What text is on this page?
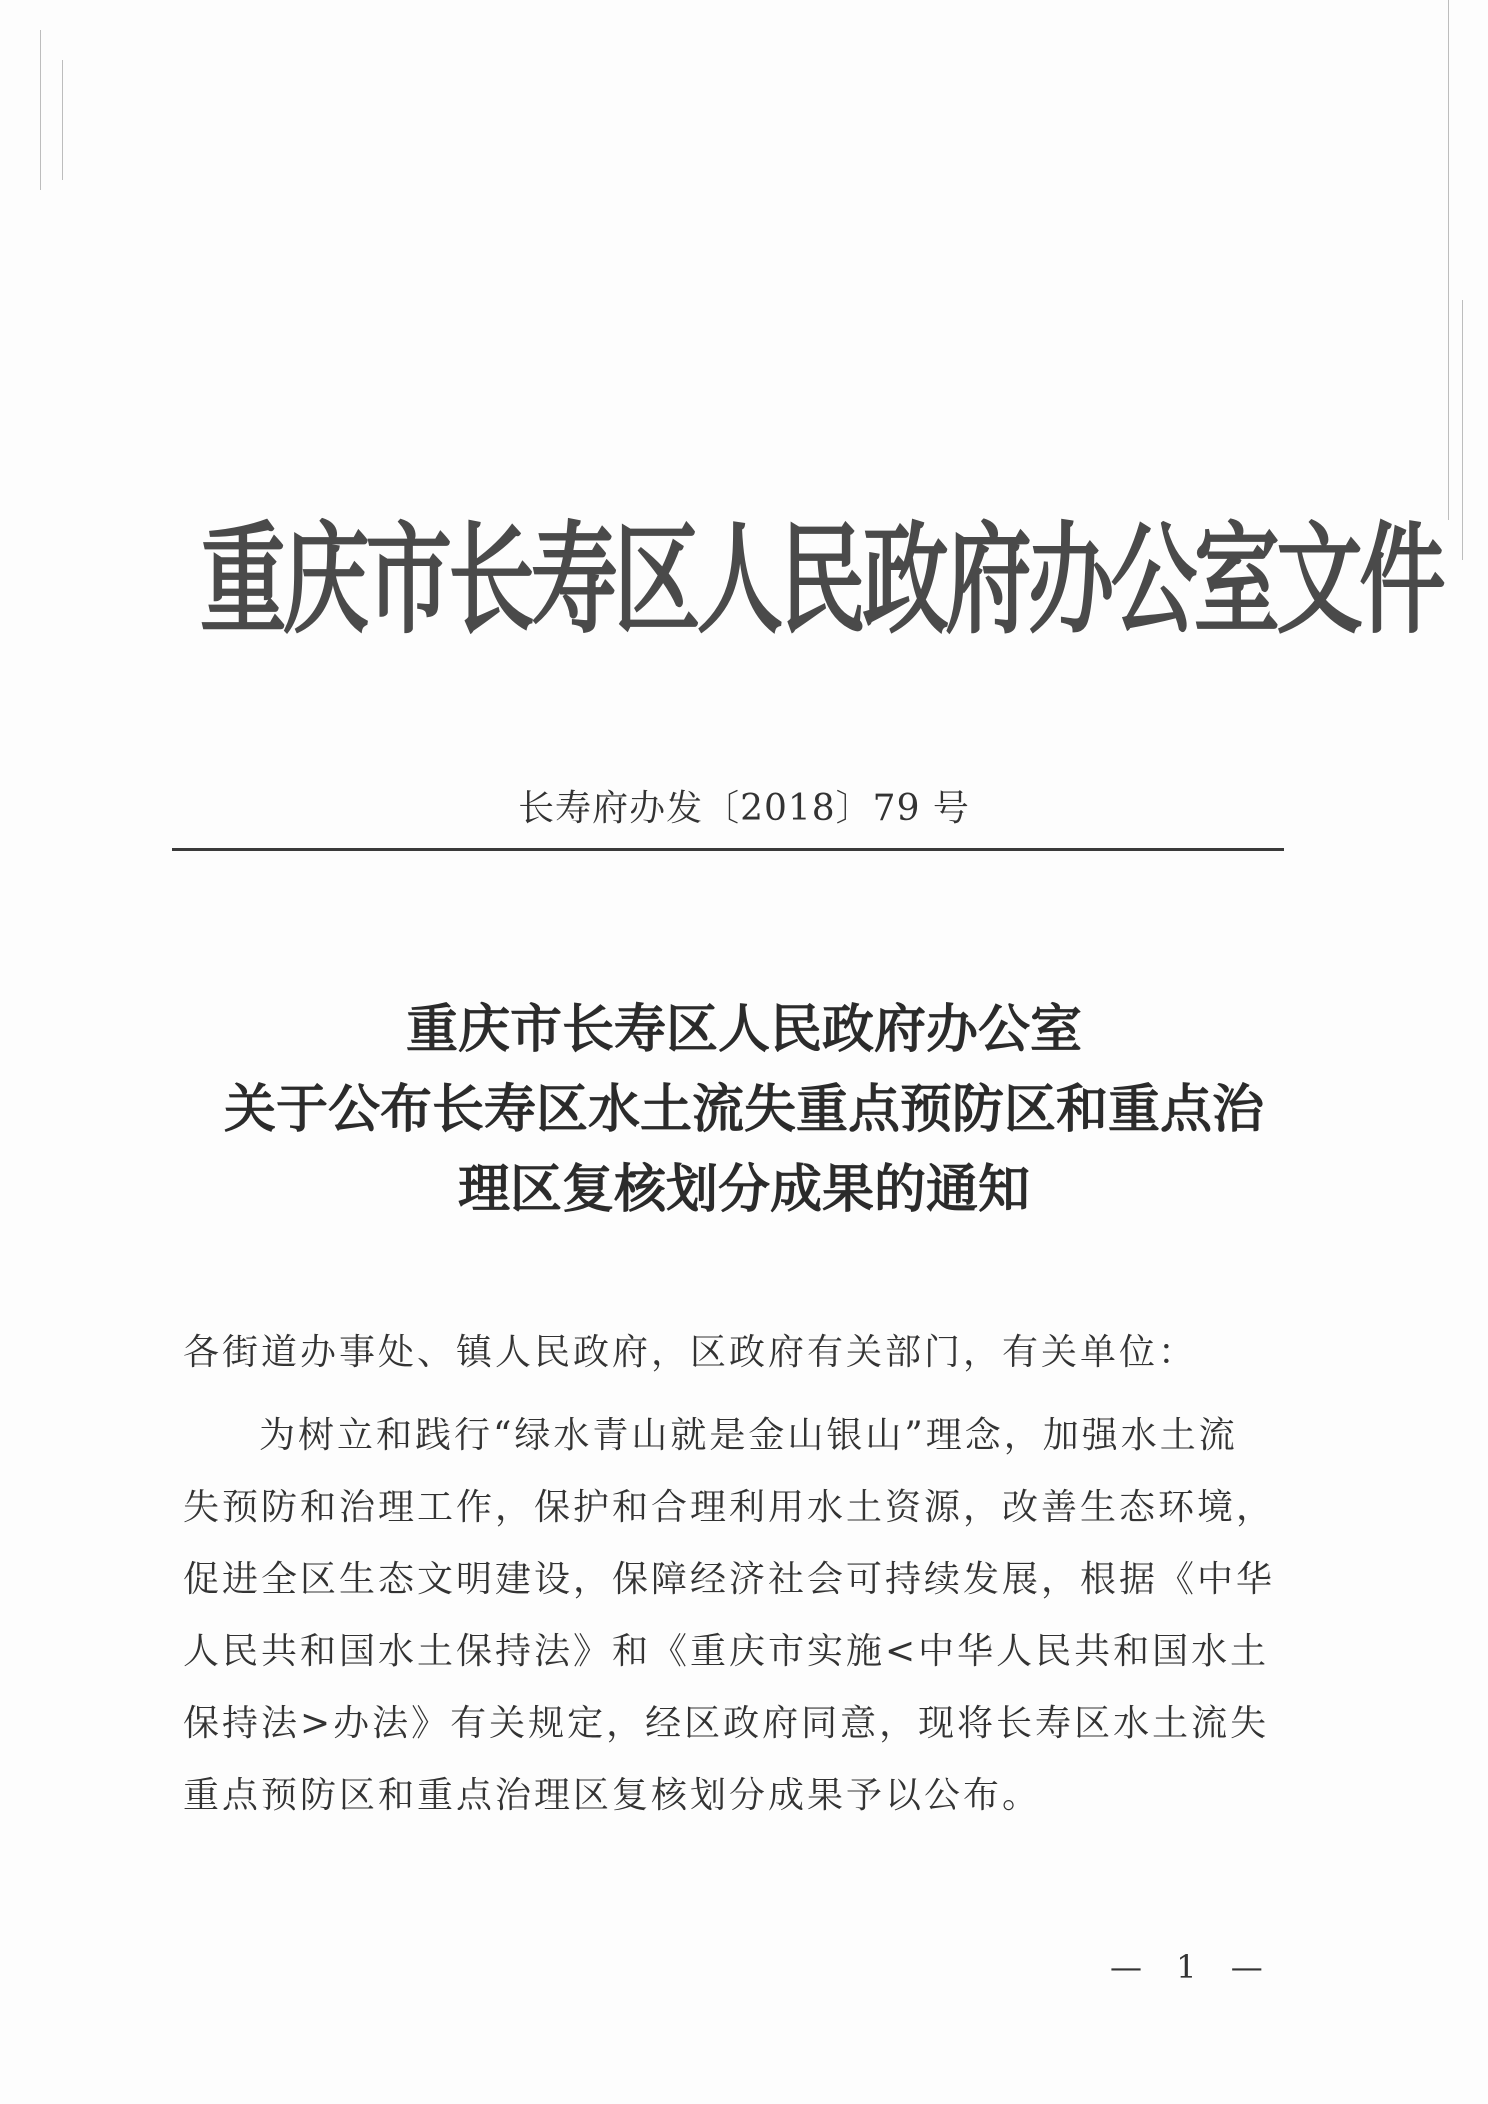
重庆市长寿区人民政府办公室文件
长寿府办发〔2018〕79 号
重庆市长寿区人民政府办公室
关于公布长寿区水土流失重点预防区和重点治
理区复核划分成果的通知
各街道办事处、镇人民政府，区政府有关部门，有关单位：
为树立和践行“绿水青山就是金山银山”理念，加强水土流
失预防和治理工作，保护和合理利用水土资源，改善生态环境，
促进全区生态文明建设，保障经济社会可持续发展，根据《中华
人民共和国水土保持法》和《重庆市实施<中华人民共和国水土
保持法>办法》有关规定，经区政府同意，现将长寿区水土流失
重点预防区和重点治理区复核划分成果予以公布。
— 1 —
